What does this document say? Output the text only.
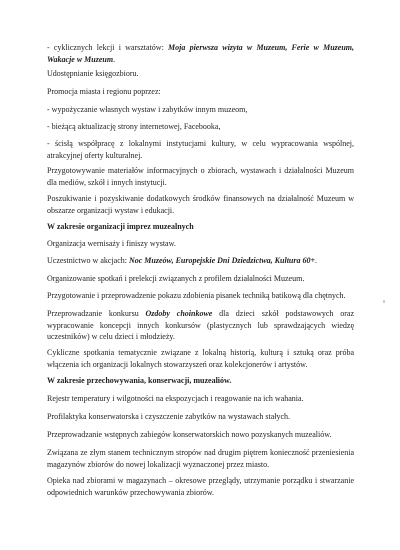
- cyklicznych lekcji i warsztatów: Moja pierwsza wizyta w Muzeum, Ferie w Muzeum, Wakacje w Muzeum.

Udostępnianie księgozbioru.

Promocja miasta i regionu poprzez:

- wypożyczanie własnych wystaw i zabytków innym muzeom,

- bieżącą aktualizację strony internetowej, Facebooka,

- ścisłą współpracę z lokalnymi instytucjami kultury, w celu wypracowania wspólnej, atrakcyjnej oferty kulturalnej.

Przygotowywanie materiałów informacyjnych o zbiorach, wystawach i działalności Muzeum dla mediów, szkół i innych instytucji.

Poszukiwanie i pozyskiwanie dodatkowych środków finansowych na działalność Muzeum w obszarze organizacji wystaw i edukacji.

W zakresie organizacji imprez muzealnych

Organizacja wernisaży i finiszy wystaw.

Uczestnictwo w akcjach: Noc Muzeów, Europejskie Dni Dziedzictwa, Kultura 60+.

Organizowanie spotkań i prelekcji związanych z profilem działalności Muzeum.

Przygotowanie i przeprowadzenie pokazu zdobienia pisanek techniką batikową dla chętnych.

Przeprowadzanie konkursu Ozdoby choinkowe dla dzieci szkół podstawowych oraz wypracowanie koncepcji innych konkursów (plastycznych lub sprawdzających wiedzę uczestników) w celu dzieci i młodzieży.

Cykliczne spotkania tematycznie związane z lokalną historią, kulturą i sztuką oraz próba włączenia ich organizacji lokalnych stowarzyszeń oraz kolekcjonerów i artystów.

W zakresie przechowywania, konserwacji, muzealiów.

Rejestr temperatury i wilgotności na ekspozycjach i reagowanie na ich wahania.

Profilaktyka konserwatorska i czyszczenie zabytków na wystawach stałych.

Przeprowadzanie wstępnych zabiegów konserwatorskich nowo pozyskanych muzealiów.

Związana ze złym stanem technicznym stropów nad drugim piętrem konieczność przeniesienia magazynów zbiorów do nowej lokalizacji wyznaczonej przez miasto.

Opieka nad zbiorami w magazynach – okresowe przeglądy, utrzymanie porządku i stwarzanie odpowiednich warunków przechowywania zbiorów.
